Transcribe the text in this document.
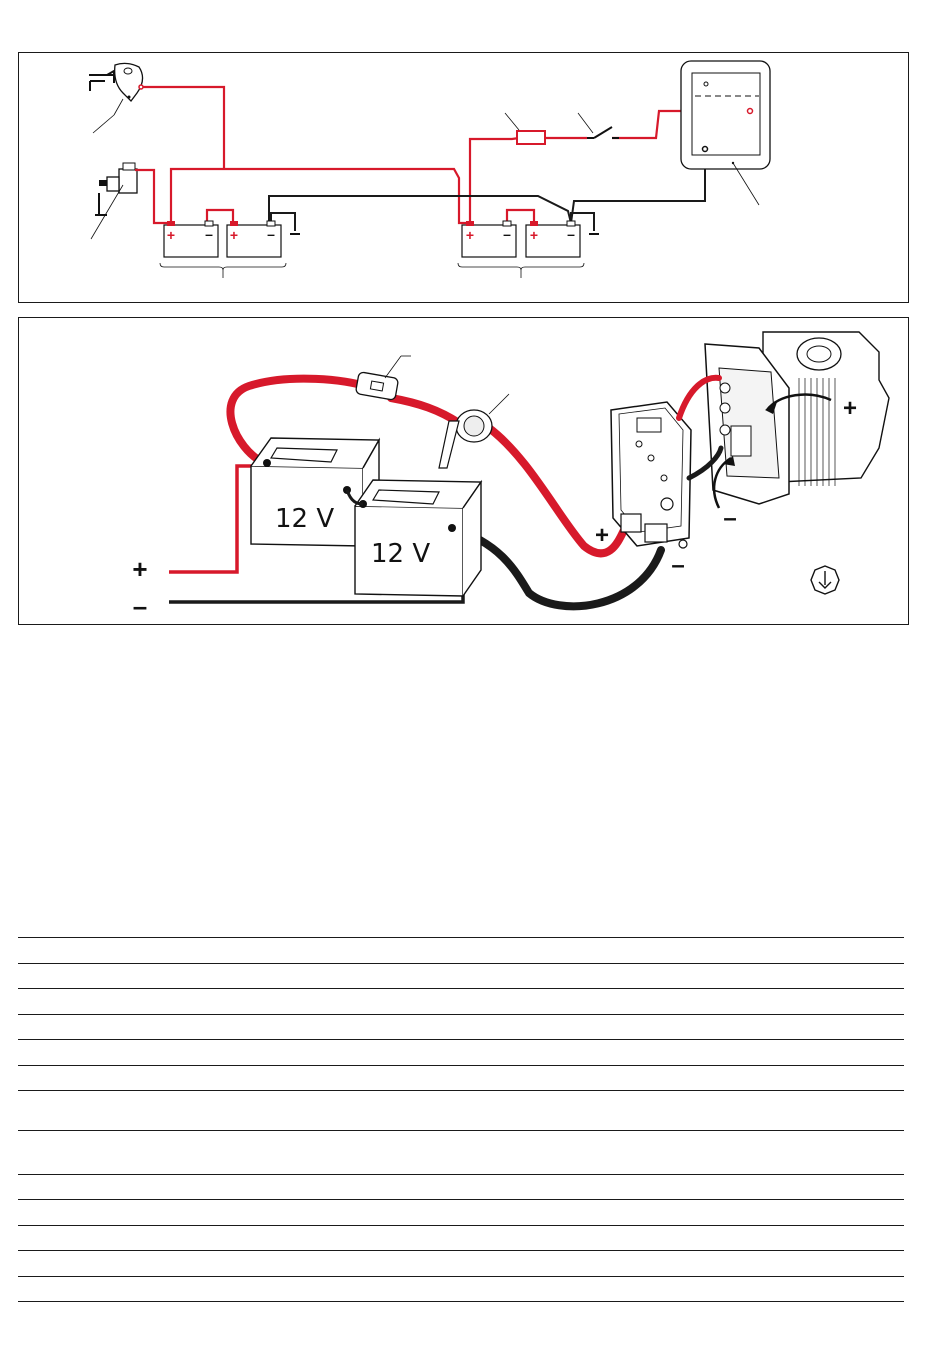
+ – + –	+ – + –
12 V
12 V
+
–
+
–
+
–
